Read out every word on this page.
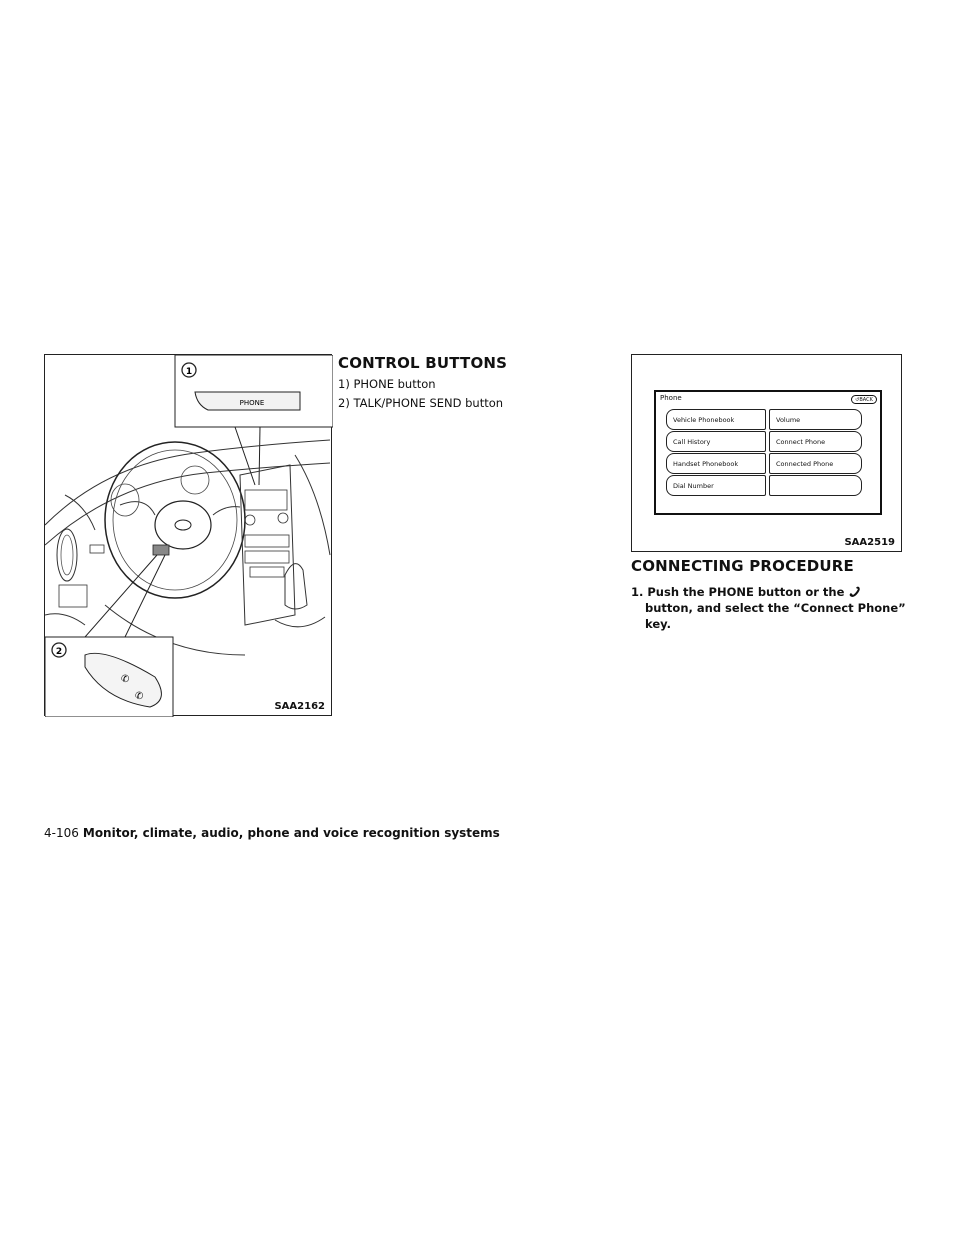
1
PHONE
2
✆
✆
SAA2162
CONTROL BUTTONS
1) PHONE button
2) TALK/PHONE SEND button	Phone	↺BACK
Vehicle Phonebook
Call History
Handset Phonebook
Dial Number
Volume
Connect Phone
Connected Phone
SAA2519
CONNECTING PROCEDURE
1. Push the PHONE button or the
button, and select the “Connect Phone”
key.
4-106 Monitor, climate, audio, phone and voice recognition systems
